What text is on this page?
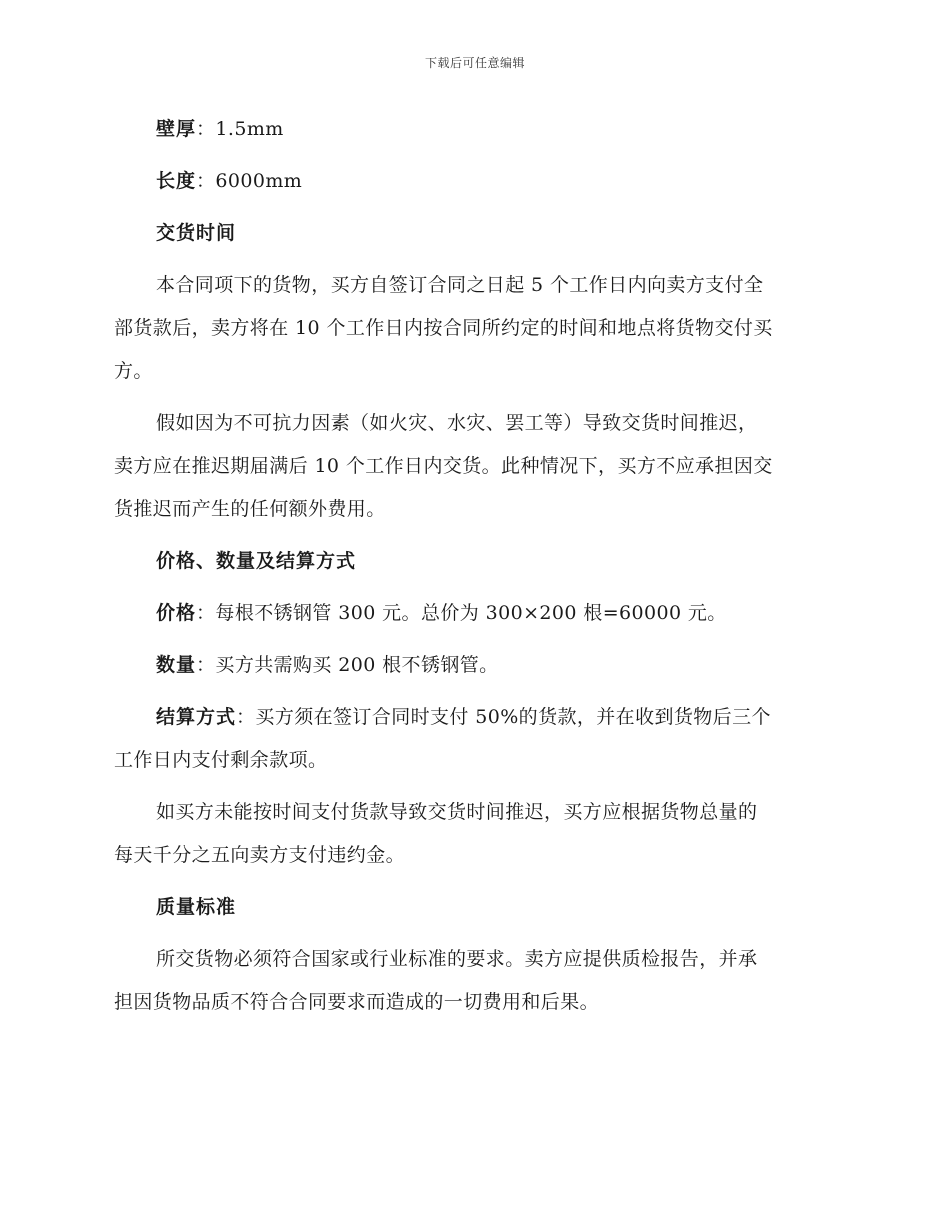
下载后可任意编辑
壁厚：1.5mm
长度：6000mm
交货时间
本合同项下的货物，买方自签订合同之日起 5 个工作日内向卖方支付全
部货款后，卖方将在 10 个工作日内按合同所约定的时间和地点将货物交付买
方。
假如因为不可抗力因素（如火灾、水灾、罢工等）导致交货时间推迟，
卖方应在推迟期届满后 10 个工作日内交货。此种情况下，买方不应承担因交
货推迟而产生的任何额外费用。
价格、数量及结算方式
价格：每根不锈钢管 300 元。总价为 300×200 根=60000 元。
数量：买方共需购买 200 根不锈钢管。
结算方式：买方须在签订合同时支付 50%的货款，并在收到货物后三个
工作日内支付剩余款项。
如买方未能按时间支付货款导致交货时间推迟，买方应根据货物总量的
每天千分之五向卖方支付违约金。
质量标准
所交货物必须符合国家或行业标准的要求。卖方应提供质检报告，并承
担因货物品质不符合合同要求而造成的一切费用和后果。
